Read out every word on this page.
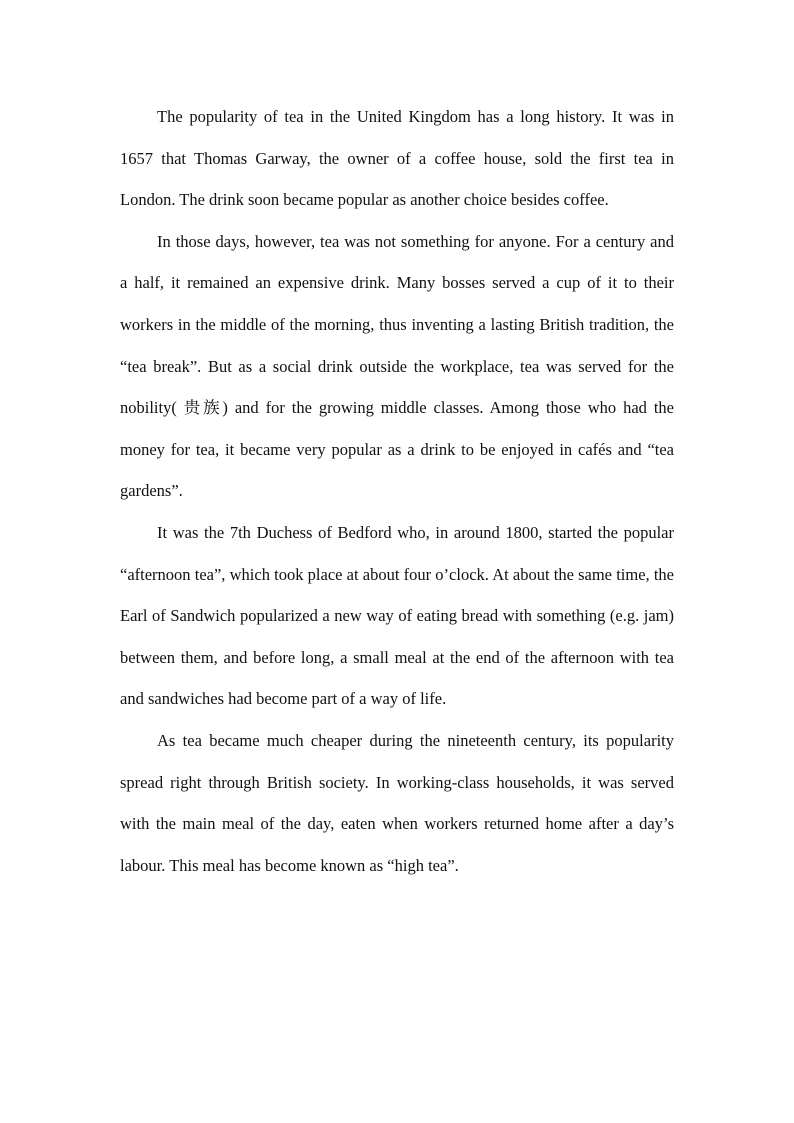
The popularity of tea in the United Kingdom has a long history. It was in 1657 that Thomas Garway, the owner of a coffee house, sold the first tea in London. The drink soon became popular as another choice besides coffee.

In those days, however, tea was not something for anyone. For a century and a half, it remained an expensive drink. Many bosses served a cup of it to their workers in the middle of the morning, thus inventing a lasting British tradition, the “tea break”. But as a social drink outside the workplace, tea was served for the nobility( 贵族) and for the growing middle classes. Among those who had the money for tea, it became very popular as a drink to be enjoyed in cafés and “tea gardens”.

It was the 7th Duchess of Bedford who, in around 1800, started the popular “afternoon tea”, which took place at about four o’clock. At about the same time, the Earl of Sandwich popularized a new way of eating bread with something (e.g. jam) between them, and before long, a small meal at the end of the afternoon with tea and sandwiches had become part of a way of life.

As tea became much cheaper during the nineteenth century, its popularity spread right through British society. In working-class households, it was served with the main meal of the day, eaten when workers returned home after a day’s labour. This meal has become known as “high tea”.
